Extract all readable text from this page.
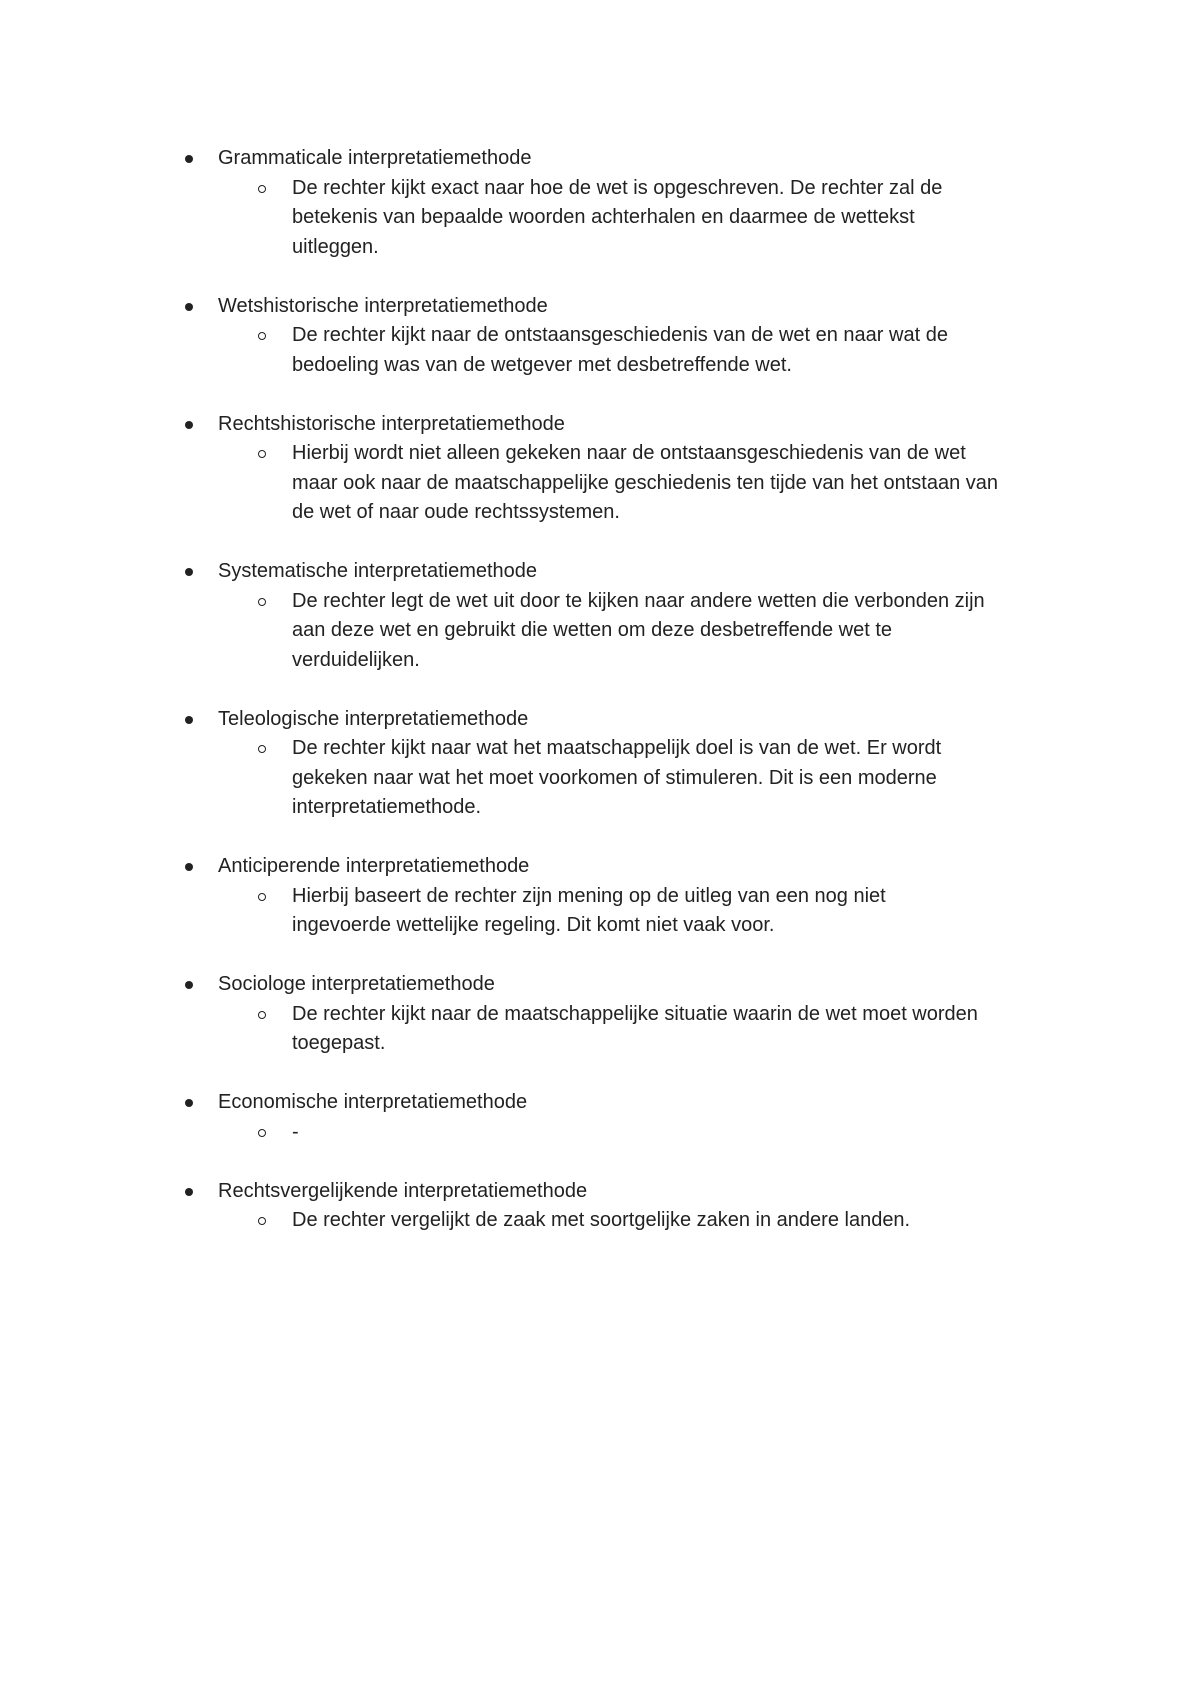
Grammaticale interpretatiemethode
De rechter kijkt exact naar hoe de wet is opgeschreven. De rechter zal de betekenis van bepaalde woorden achterhalen en daarmee de wettekst uitleggen.
Wetshistorische interpretatiemethode
De rechter kijkt naar de ontstaansgeschiedenis van de wet en naar wat de bedoeling was van de wetgever met desbetreffende wet.
Rechtshistorische interpretatiemethode
Hierbij wordt niet alleen gekeken naar de ontstaansgeschiedenis van de wet maar ook naar de maatschappelijke geschiedenis ten tijde van het ontstaan van de wet of naar oude rechtssystemen.
Systematische interpretatiemethode
De rechter legt de wet uit door te kijken naar andere wetten die verbonden zijn aan deze wet en gebruikt die wetten om deze desbetreffende wet te verduidelijken.
Teleologische interpretatiemethode
De rechter kijkt naar wat het maatschappelijk doel is van de wet. Er wordt gekeken naar wat het moet voorkomen of stimuleren. Dit is een moderne interpretatiemethode.
Anticiperende interpretatiemethode
Hierbij baseert de rechter zijn mening op de uitleg van een nog niet ingevoerde wettelijke regeling. Dit komt niet vaak voor.
Sociologe interpretatiemethode
De rechter kijkt naar de maatschappelijke situatie waarin de wet moet worden toegepast.
Economische interpretatiemethode
-
Rechtsvergelijkende interpretatiemethode
De rechter vergelijkt de zaak met soortgelijke zaken in andere landen.
